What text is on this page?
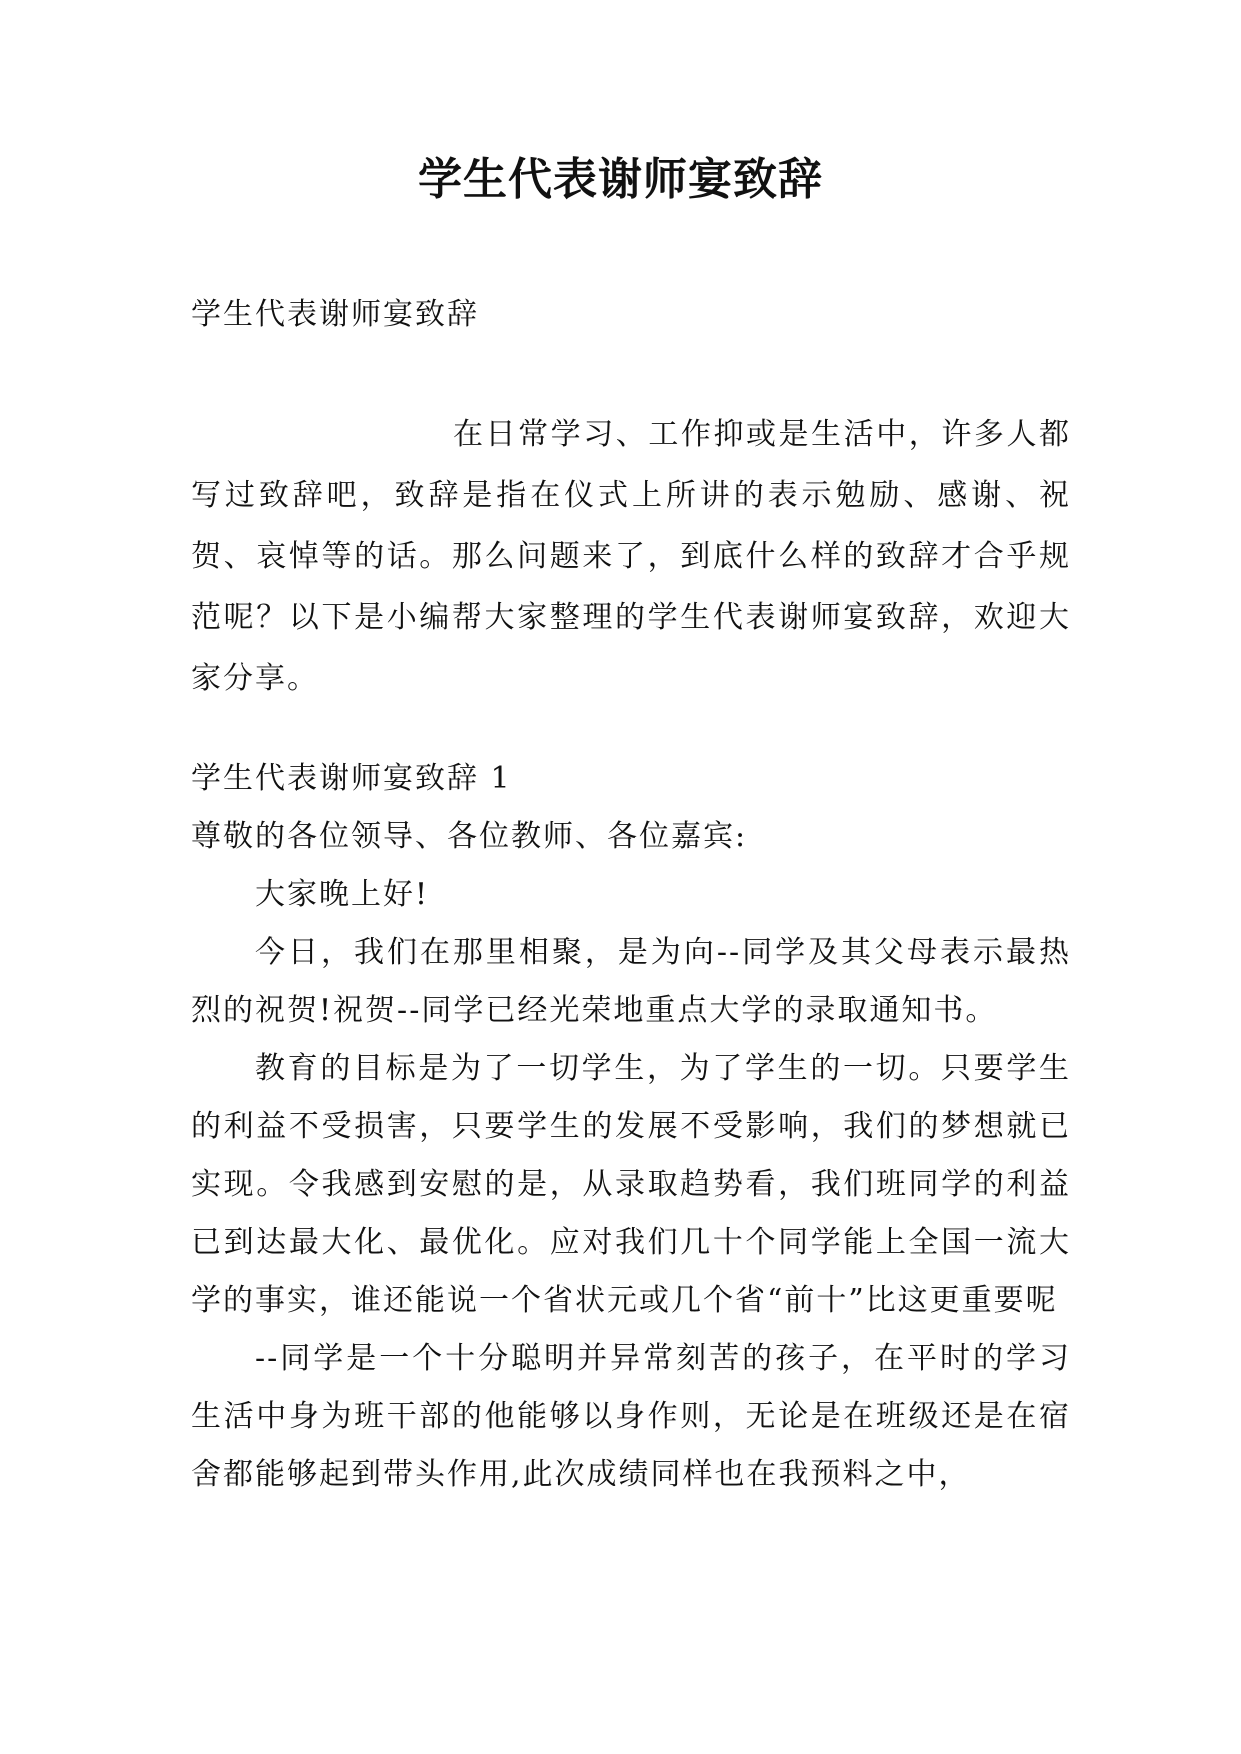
学生代表谢师宴致辞
学生代表谢师宴致辞
在日常学习、工作抑或是生活中，许多人都写过致辞吧，致辞是指在仪式上所讲的表示勉励、感谢、祝贺、哀悼等的话。那么问题来了，到底什么样的致辞才合乎规范呢？以下是小编帮大家整理的学生代表谢师宴致辞，欢迎大家分享。

学生代表谢师宴致辞 1

尊敬的各位领导、各位教师、各位嘉宾:

大家晚上好!

今日，我们在那里相聚，是为向--同学及其父母表示最热烈的祝贺!祝贺--同学已经光荣地重点大学的录取通知书。

教育的目标是为了一切学生，为了学生的一切。只要学生的利益不受损害，只要学生的发展不受影响，我们的梦想就已实现。令我感到安慰的是，从录取趋势看，我们班同学的利益已到达最大化、最优化。应对我们几十个同学能上全国一流大学的事实，谁还能说一个省状元或几个省“前十”比这更重要呢

--同学是一个十分聪明并异常刻苦的孩子，在平时的学习生活中身为班干部的他能够以身作则，无论是在班级还是在宿舍都能够起到带头作用,此次成绩同样也在我预料之中，
